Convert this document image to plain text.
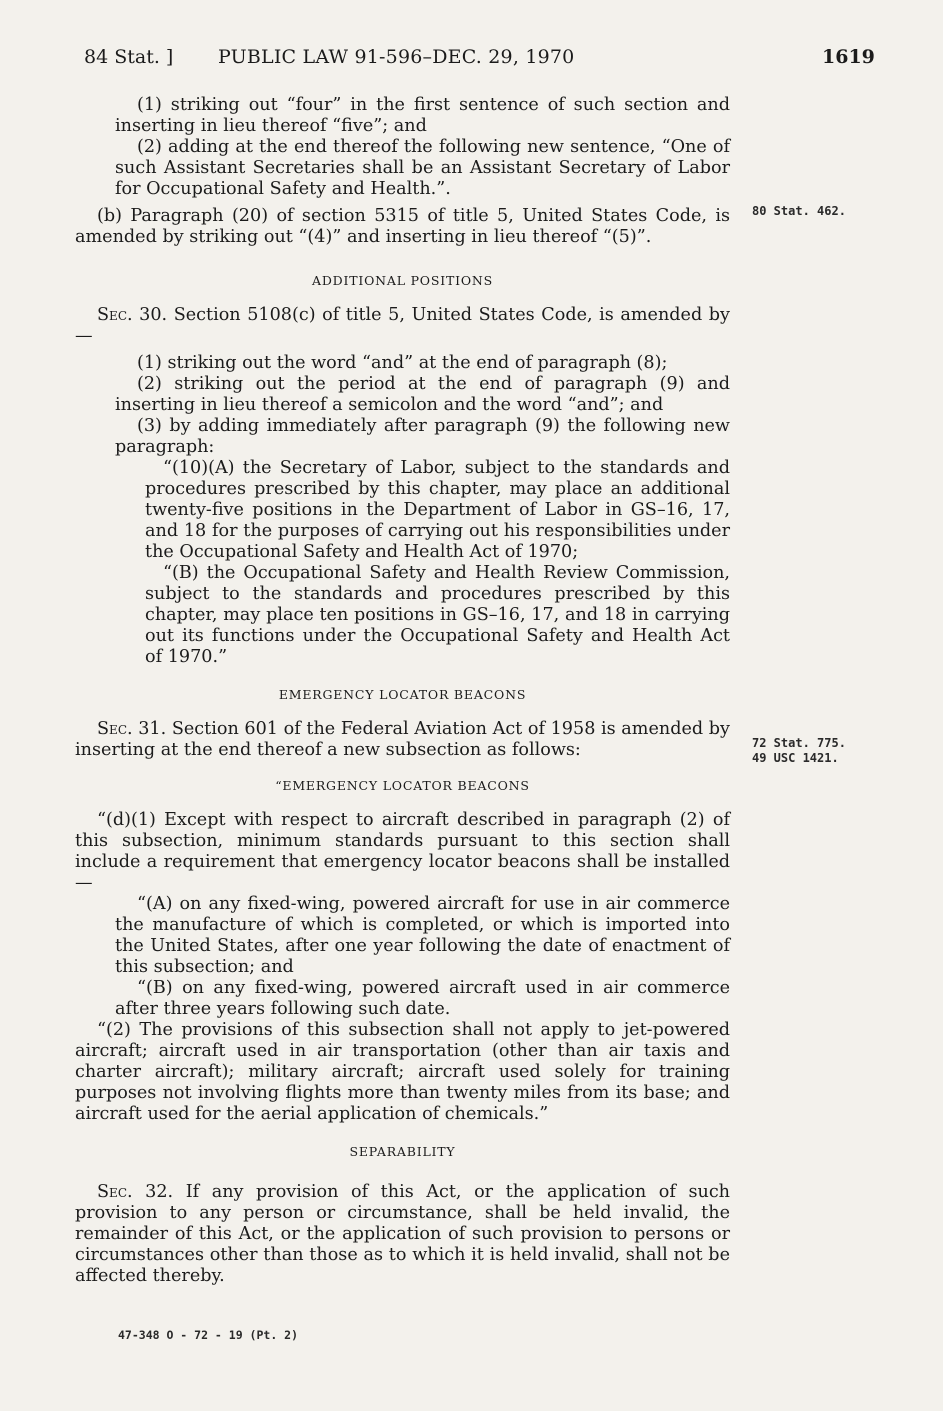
84 Stat. ] PUBLIC LAW 91-596–DEC. 29, 1970	1619
80 Stat. 462.
72 Stat. 775.
49 USC 1421.

(1) striking out “four” in the first sentence of such section and inserting in lieu thereof “five”; and

(2) adding at the end thereof the following new sentence, “One of such Assistant Secretaries shall be an Assistant Secretary of Labor for Occupational Safety and Health.”.

(b) Paragraph (20) of section 5315 of title 5, United States Code, is amended by striking out “(4)” and inserting in lieu thereof “(5)”.

ADDITIONAL POSITIONS

Sec. 30. Section 5108(c) of title 5, United States Code, is amended by—

(1) striking out the word “and” at the end of paragraph (8);

(2) striking out the period at the end of paragraph (9) and inserting in lieu thereof a semicolon and the word “and”; and

(3) by adding immediately after paragraph (9) the following new paragraph:

“(10)(A) the Secretary of Labor, subject to the standards and procedures prescribed by this chapter, may place an additional twenty-five positions in the Department of Labor in GS–16, 17, and 18 for the purposes of carrying out his responsibilities under the Occupational Safety and Health Act of 1970;

“(B) the Occupational Safety and Health Review Commission, subject to the standards and procedures prescribed by this chapter, may place ten positions in GS–16, 17, and 18 in carrying out its functions under the Occupational Safety and Health Act of 1970.”

EMERGENCY LOCATOR BEACONS

Sec. 31. Section 601 of the Federal Aviation Act of 1958 is amended by inserting at the end thereof a new subsection as follows:

“EMERGENCY LOCATOR BEACONS

“(d)(1) Except with respect to aircraft described in paragraph (2) of this subsection, minimum standards pursuant to this section shall include a requirement that emergency locator beacons shall be installed—

“(A) on any fixed-wing, powered aircraft for use in air commerce the manufacture of which is completed, or which is imported into the United States, after one year following the date of enactment of this subsection; and

“(B) on any fixed-wing, powered aircraft used in air commerce after three years following such date.

“(2) The provisions of this subsection shall not apply to jet-powered aircraft; aircraft used in air transportation (other than air taxis and charter aircraft); military aircraft; aircraft used solely for training purposes not involving flights more than twenty miles from its base; and aircraft used for the aerial application of chemicals.”

SEPARABILITY

Sec. 32. If any provision of this Act, or the application of such provision to any person or circumstance, shall be held invalid, the remainder of this Act, or the application of such provision to persons or circumstances other than those as to which it is held invalid, shall not be affected thereby.

47-348 O - 72 - 19 (Pt. 2)
